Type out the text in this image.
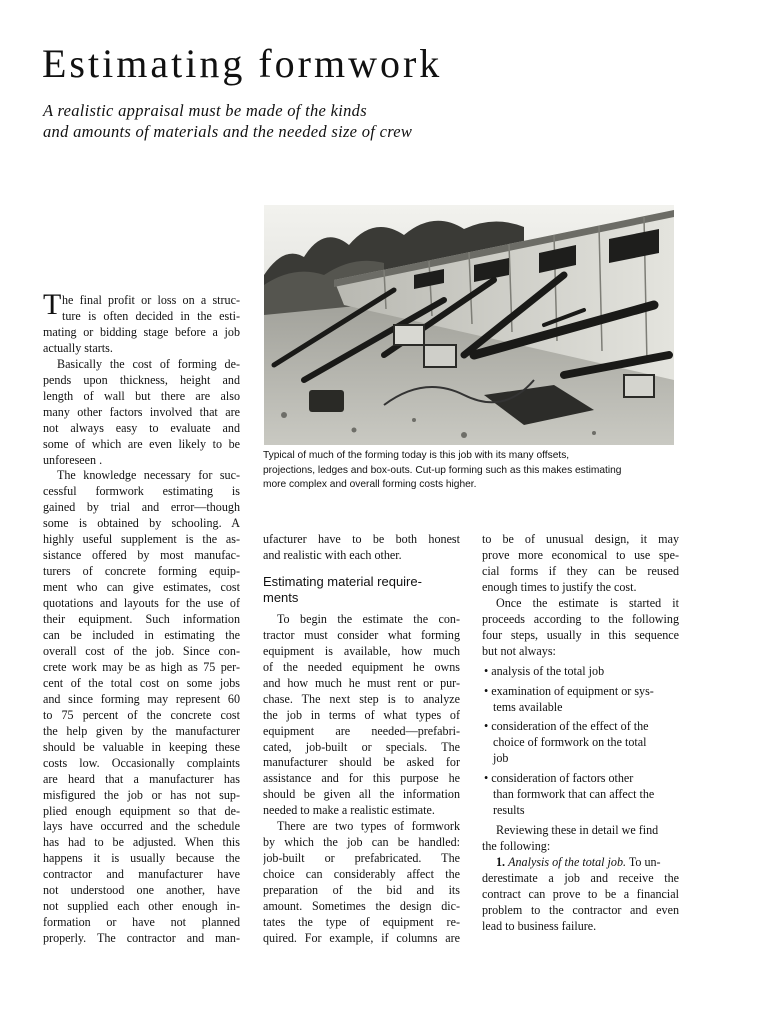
Estimating formwork
A realistic appraisal must be made of the kinds
and amounts of materials and the needed size of crew
Typical of much of the forming today is this job with its many offsets,
projections, ledges and box-outs. Cut-up forming such as this makes estimating
more complex and overall forming costs higher.
T he final profit or loss on a struc-
ture is often decided in the esti-
mating or bidding stage before a job
actually starts.
Basically the cost of forming de-
pends upon thickness, height and
length of wall but there are also
many other factors involved that are
not always easy to evaluate and
some of which are even likely to be
unforeseen .
The knowledge necessary for suc-
cessful formwork estimating is
gained by trial and error—though
some is obtained by schooling. A
highly useful supplement is the as-
sistance offered by most manufac-
turers of concrete forming equip-
ment who can give estimates, cost
quotations and layouts for the use of
their equipment. Such information
can be included in estimating the
overall cost of the job. Since con-
crete work may be as high as 75 per-
cent of the total cost on some jobs
and since forming may represent 60
to 75 percent of the concrete cost
the help given by the manufacturer
should be valuable in keeping these
costs low. Occasionally complaints
are heard that a manufacturer has
misfigured the job or has not sup-
plied enough equipment so that de-
lays have occurred and the schedule
has had to be adjusted. When this
happens it is usually because the
contractor and manufacturer have
not understood one another, have
not supplied each other enough in-
formation or have not planned
properly. The contractor and man-
ufacturer have to be both honest
and realistic with each other.
Estimating material require-
ments
To begin the estimate the con-
tractor must consider what forming
equipment is available, how much
of the needed equipment he owns
and how much he must rent or pur-
chase. The next step is to analyze
the job in terms of what types of
equipment are needed—prefabri-
cated, job-built or specials. The
manufacturer should be asked for
assistance and for this purpose he
should be given all the information
needed to make a realistic estimate.
There are two types of formwork
by which the job can be handled:
job-built or prefabricated. The
choice can considerably affect the
preparation of the bid and its
amount. Sometimes the design dic-
tates the type of equipment re-
quired. For example, if columns are
to be of unusual design, it may
prove more economical to use spe-
cial forms if they can be reused
enough times to justify the cost.
Once the estimate is started it
proceeds according to the following
four steps, usually in this sequence
but not always:
• analysis of the total job
• examination of equipment or sys-
tems available
• consideration of the effect of the
choice of formwork on the total
job
• consideration of factors other
than formwork that can affect the
results
Reviewing these in detail we find
the following:
1. Analysis of the total job. To un-
derestimate a job and receive the
contract can prove to be a financial
problem to the contractor and even
lead to business failure.
